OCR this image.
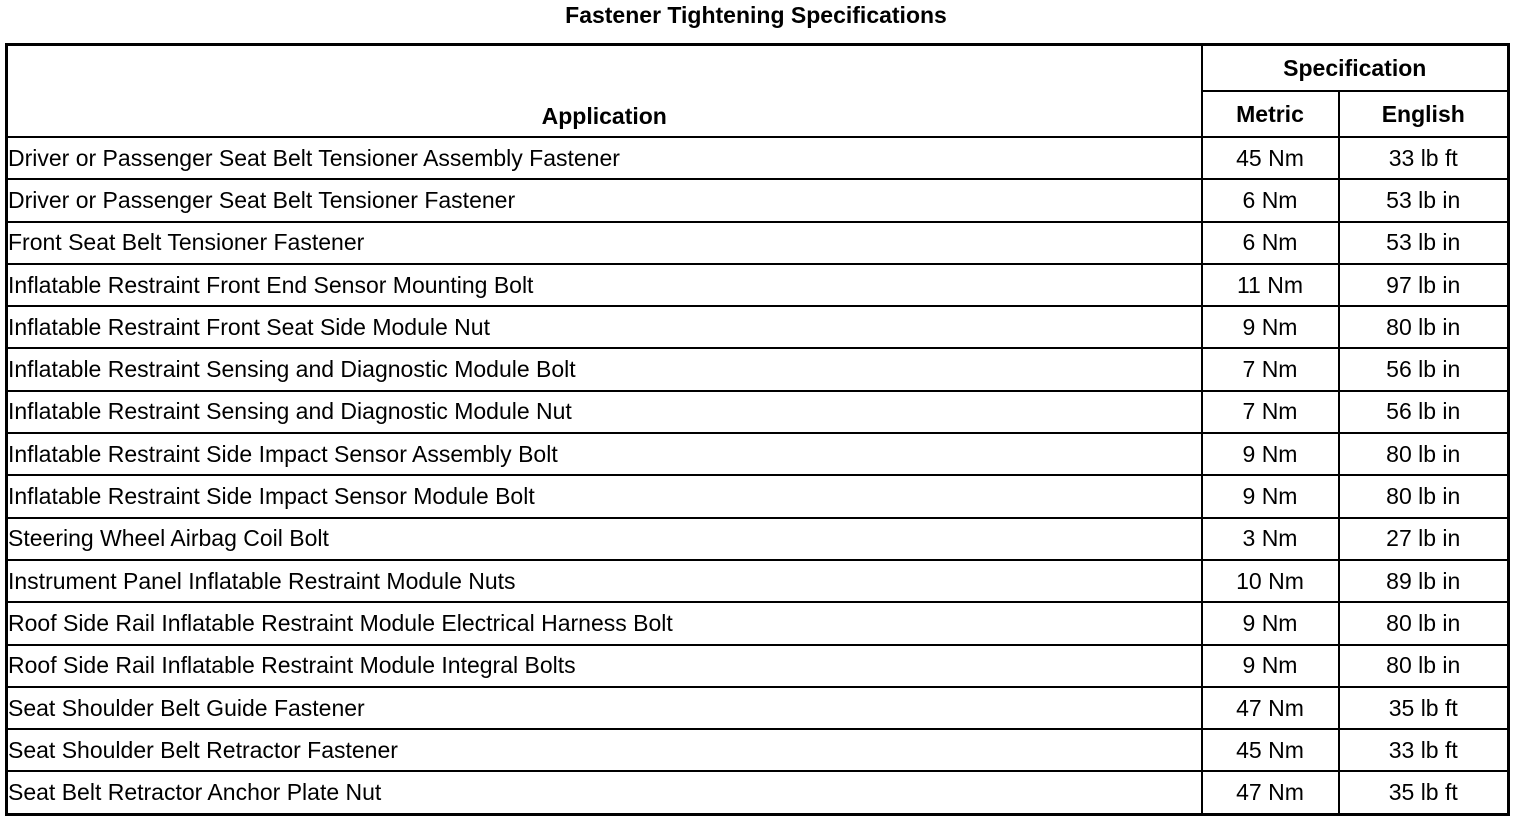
Fastener Tightening Specifications
Application	Specification	
	Metric	English
Driver or Passenger Seat Belt Tensioner Assembly Fastener	45 Nm	33 lb ft
Driver or Passenger Seat Belt Tensioner Fastener	6 Nm	53 lb in
Front Seat Belt Tensioner Fastener	6 Nm	53 lb in
Inflatable Restraint Front End Sensor Mounting Bolt	11 Nm	97 lb in
Inflatable Restraint Front Seat Side Module Nut	9 Nm	80 lb in
Inflatable Restraint Sensing and Diagnostic Module Bolt	7 Nm	56 lb in
Inflatable Restraint Sensing and Diagnostic Module Nut	7 Nm	56 lb in
Inflatable Restraint Side Impact Sensor Assembly Bolt	9 Nm	80 lb in
Inflatable Restraint Side Impact Sensor Module Bolt	9 Nm	80 lb in
Steering Wheel Airbag Coil Bolt	3 Nm	27 lb in
Instrument Panel Inflatable Restraint Module Nuts	10 Nm	89 lb in
Roof Side Rail Inflatable Restraint Module Electrical Harness Bolt	9 Nm	80 lb in
Roof Side Rail Inflatable Restraint Module Integral Bolts	9 Nm	80 lb in
Seat Shoulder Belt Guide Fastener	47 Nm	35 lb ft
Seat Shoulder Belt Retractor Fastener	45 Nm	33 lb ft
Seat Belt Retractor Anchor Plate Nut	47 Nm	35 lb ft
